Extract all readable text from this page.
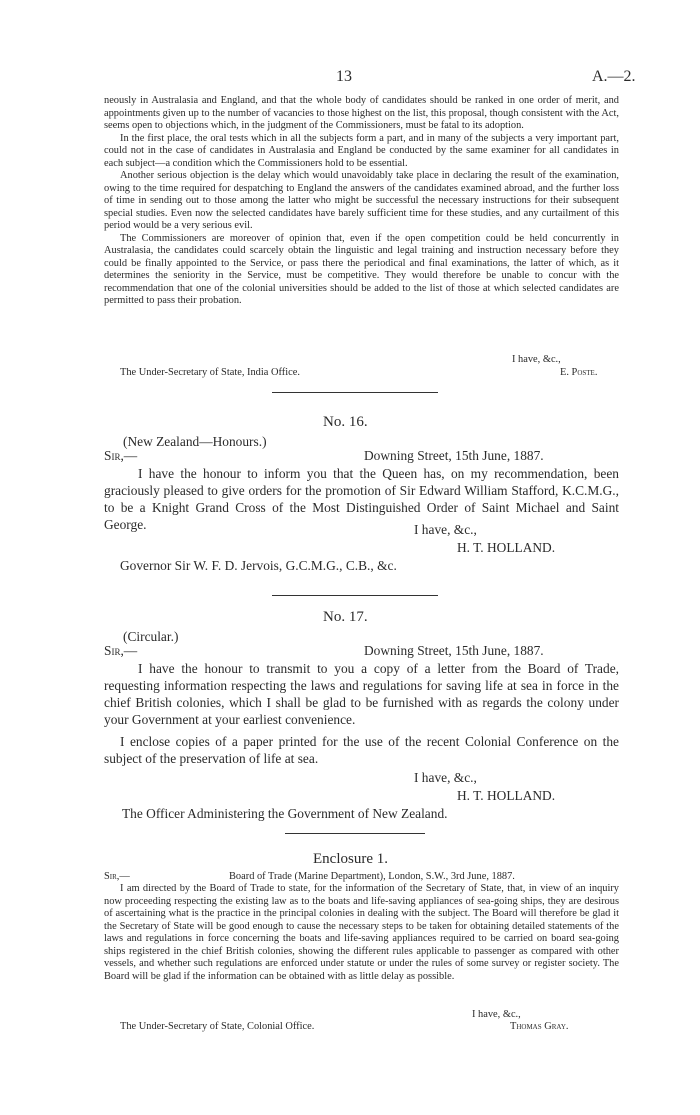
13	A.—2.

neously in Australasia and England, and that the whole body of candidates should be ranked in one order of merit, and appointments given up to the number of vacancies to those highest on the list, this proposal, though consistent with the Act, seems open to objections which, in the judgment of the Commissioners, must be fatal to its adoption.

In the first place, the oral tests which in all the subjects form a part, and in many of the subjects a very important part, could not in the case of candidates in Australasia and England be conducted by the same examiner for all candidates in each subject—a condition which the Commissioners hold to be essential.

Another serious objection is the delay which would unavoidably take place in declaring the result of the examination, owing to the time required for despatching to England the answers of the candidates examined abroad, and the further loss of time in sending out to those among the latter who might be successful the necessary instructions for their subsequent special studies. Even now the selected candidates have barely sufficient time for these studies, and any curtailment of this period would be a very serious evil.

The Commissioners are moreover of opinion that, even if the open competition could be held concurrently in Australasia, the candidates could scarcely obtain the linguistic and legal training and instruction necessary before they could be finally appointed to the Service, or pass there the periodical and final examinations, the latter of which, as it determines the seniority in the Service, must be competitive. They would therefore be unable to concur with the recommendation that one of the colonial universities should be added to the list of those at which selected candidates are permitted to pass their probation.

I have, &c.,
The Under-Secretary of State, India Office.	E. Poste.
No. 16.
(New Zealand—Honours.)
Sir,—	Downing Street, 15th June, 1887.
I have the honour to inform you that the Queen has, on my recommendation, been graciously pleased to give orders for the promotion of Sir Edward William Stafford, K.C.M.G., to be a Knight Grand Cross of the Most Distinguished Order of Saint Michael and Saint George.	I have, &c.,
H. T. HOLLAND.
Governor Sir W. F. D. Jervois, G.C.M.G., C.B., &c.
No. 17.
(Circular.)
Sir,—	Downing Street, 15th June, 1887.
I have the honour to transmit to you a copy of a letter from the Board of Trade, requesting information respecting the laws and regulations for saving life at sea in force in the chief British colonies, which I shall be glad to be furnished with as regards the colony under your Government at your earliest convenience.
I enclose copies of a paper printed for the use of the recent Colonial Conference on the subject of the preservation of life at sea.
I have, &c.,
H. T. HOLLAND.
The Officer Administering the Government of New Zealand.
Enclosure 1.
Sir,—	Board of Trade (Marine Department), London, S.W., 3rd June, 1887.
I am directed by the Board of Trade to state, for the information of the Secretary of State, that, in view of an inquiry now proceeding respecting the existing law as to the boats and life-saving appliances of sea-going ships, they are desirous of ascertaining what is the practice in the principal colonies in dealing with the subject. The Board will therefore be glad it the Secretary of State will be good enough to cause the necessary steps to be taken for obtaining detailed statements of the laws and regulations in force concerning the boats and life-saving appliances required to be carried on board sea-going ships registered in the chief British colonies, showing the different rules applicable to passenger as compared with other vessels, and whether such regulations are enforced under statute or under the rules of some survey or register society. The Board will be glad if the information can be obtained with as little delay as possible.
I have, &c.,
The Under-Secretary of State, Colonial Office.	Thomas Gray.
